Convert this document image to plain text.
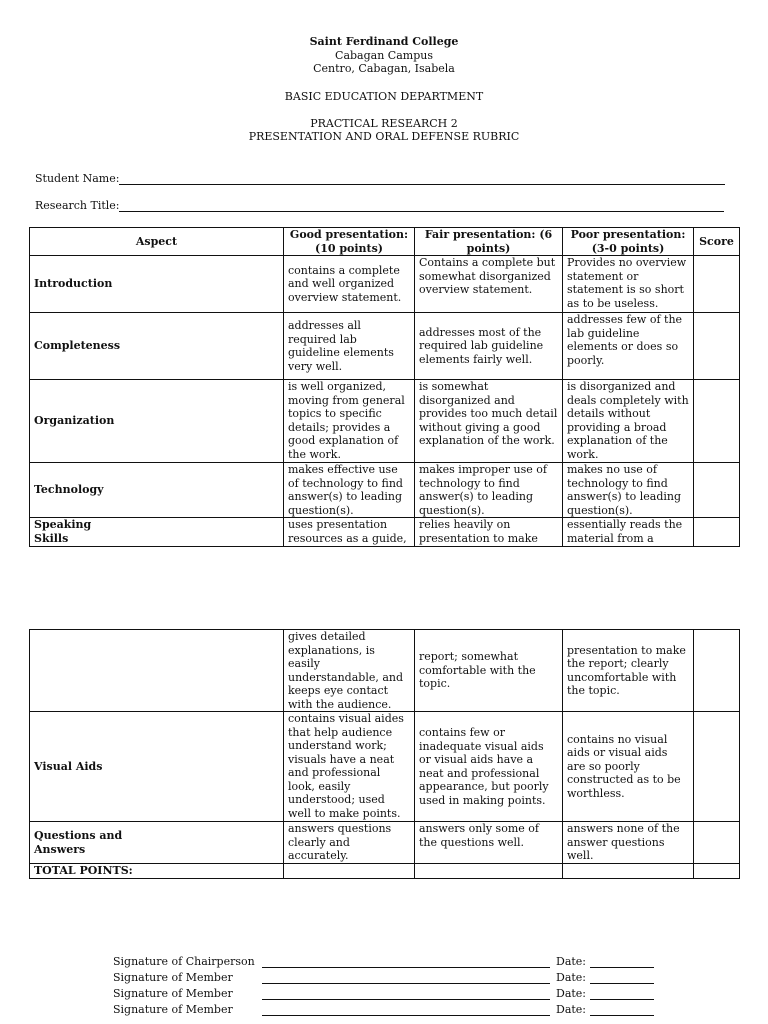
Saint Ferdinand College
Cabagan Campus
Centro, Cabagan, Isabela
BASIC EDUCATION DEPARTMENT
PRACTICAL RESEARCH 2
PRESENTATION AND ORAL DEFENSE RUBRIC
Student Name:
Research Title:
Aspect	Good presentation: (10 points)	Fair presentation: (6 points)	Poor presentation: (3-0 points)	Score
Introduction	contains a complete and well organized overview statement.	Contains a complete but somewhat disorganized overview statement.	Provides no overview statement or statement is so short as to be useless.	
Completeness	addresses all required lab guideline elements very well.	addresses most of the required lab guideline elements fairly well.	addresses few of the lab guideline elements or does so poorly.	
Organization	is well organized, moving from general topics to specific details; provides a good explanation of the work.	is somewhat disorganized and provides too much detail without giving a good explanation of the work.	is disorganized and deals completely with details without providing a broad explanation of the work.	
Technology	makes effective use of technology to find answer(s) to leading question(s).	makes improper use of technology to find answer(s) to leading question(s).	makes no use of technology to find answer(s) to leading question(s).	
Speaking Skills	uses presentation resources as a guide,	relies heavily on presentation to make	essentially reads the material from a	
	gives detailed explanations, is easily understandable, and keeps eye contact with the audience.	report; somewhat comfortable with the topic.	presentation to make the report; clearly uncomfortable with the topic.	
Visual Aids	contains visual aides that help audience understand work; visuals have a neat and professional look, easily understood; used well to make points.	contains few or inadequate visual aids or visual aids have a neat and professional appearance, but poorly used in making points.	contains no visual aids or visual aids are so poorly constructed as to be worthless.	
Questions and Answers	answers questions clearly and accurately.	answers only some of the questions well.	answers none of the answer questions well.	
TOTAL POINTS:				
Signature of Chairperson	Date:
Signature of Member	Date:
Signature of Member	Date:
Signature of Member	Date:
